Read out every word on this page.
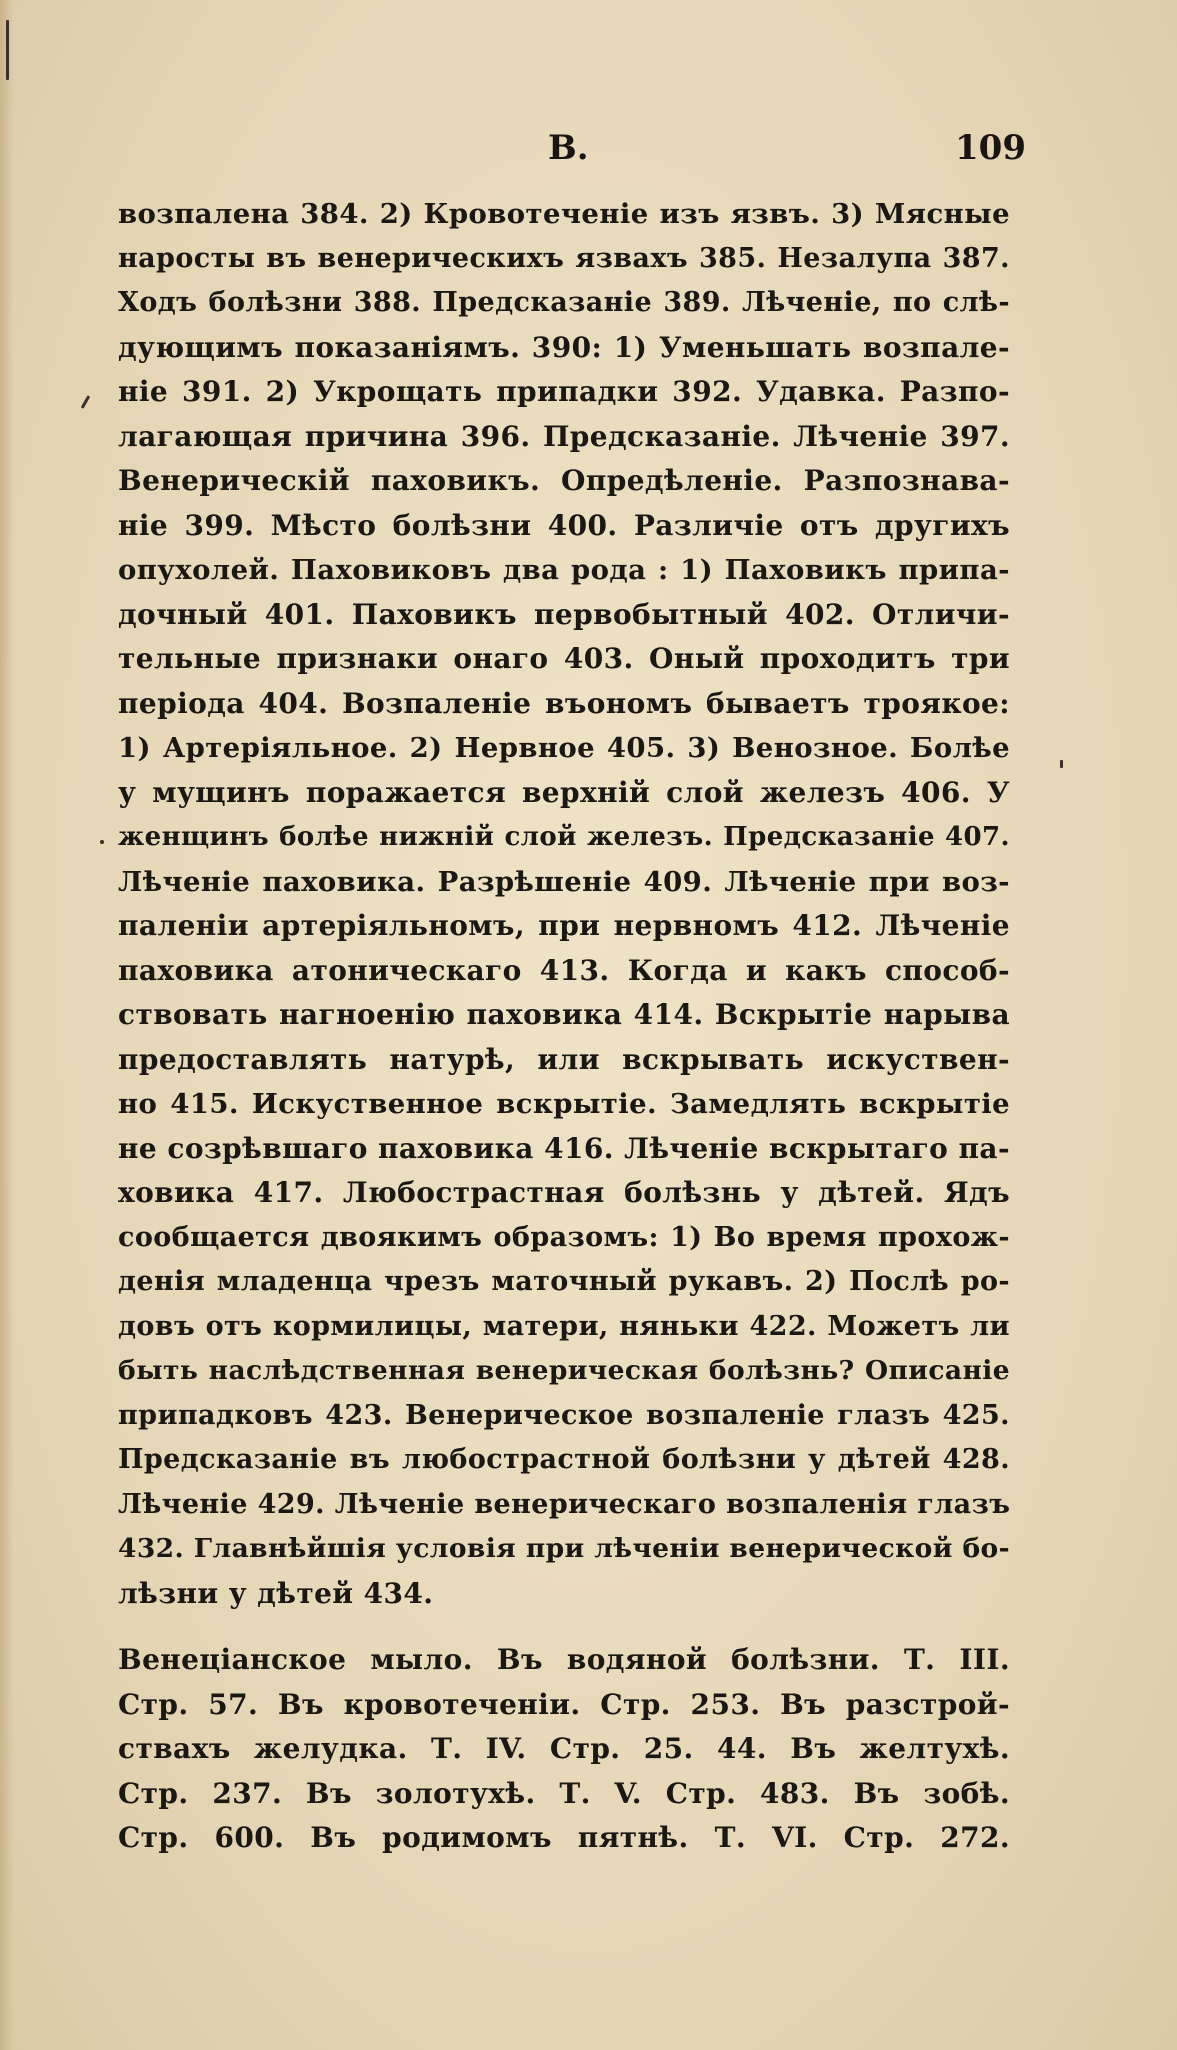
В.	109
возпалена 384. 2) Кровотеченіе изъ язвъ. 3) Мясные
наросты въ венерическихъ язвахъ 385. Незалупа 387.
Ходъ болѣзни 388. Предсказаніе 389. Лѣченіе, по слѣ-
дующимъ показаніямъ. 390: 1) Уменьшать возпале-
ніе 391. 2) Укрощать припадки 392. Удавка. Разпо-
лагающая причина 396. Предсказаніе. Лѣченіе 397.
Венерическій паховикъ. Опредѣленіе. Разпознава-
ніе 399. Мѣсто болѣзни 400. Различіе отъ другихъ
опухолей. Паховиковъ два рода : 1) Паховикъ припа-
дочный 401. Паховикъ первобытный 402. Отличи-
тельные признаки онаго 403. Оный проходитъ три
періода 404. Возпаленіе въономъ бываетъ троякое:
1) Артеріяльное. 2) Нервное 405. 3) Венозное. Болѣе
у мущинъ поражается верхній слой железъ 406. У
женщинъ болѣе нижній слой железъ. Предсказаніе 407.
Лѣченіе паховика. Разрѣшеніе 409. Лѣченіе при воз-
паленіи артеріяльномъ, при нервномъ 412. Лѣченіе
паховика атоническаго 413. Когда и какъ способ-
ствовать нагноенію паховика 414. Вскрытіе нарыва
предоставлять натурѣ, или вскрывать искуствен-
но 415. Искуственное вскрытіе. Замедлять вскрытіе
не созрѣвшаго паховика 416. Лѣченіе вскрытаго па-
ховика 417. Любострастная болѣзнь у дѣтей. Ядъ
сообщается двоякимъ образомъ: 1) Во время прохож-
денія младенца чрезъ маточный рукавъ. 2) Послѣ ро-
довъ отъ кормилицы, матери, няньки 422. Можетъ ли
быть наслѣдственная венерическая болѣзнь? Описаніе
припадковъ 423. Венерическое возпаленіе глазъ 425.
Предсказаніе въ любострастной болѣзни у дѣтей 428.
Лѣченіе 429. Лѣченіе венерическаго возпаленія глазъ
432. Главнѣйшія условія при лѣченіи венерической бо-
лѣзни у дѣтей 434.
Венеціанское мыло. Въ водяной болѣзни. Т. III.
Стр. 57. Въ кровотеченіи. Стр. 253. Въ разстрой-
ствахъ желудка. Т. IV. Стр. 25. 44. Въ желтухѣ.
Стр. 237. Въ золотухѣ. Т. V. Стр. 483. Въ зобѣ.
Стр. 600. Въ родимомъ пятнѣ. Т. VI. Стр. 272.
